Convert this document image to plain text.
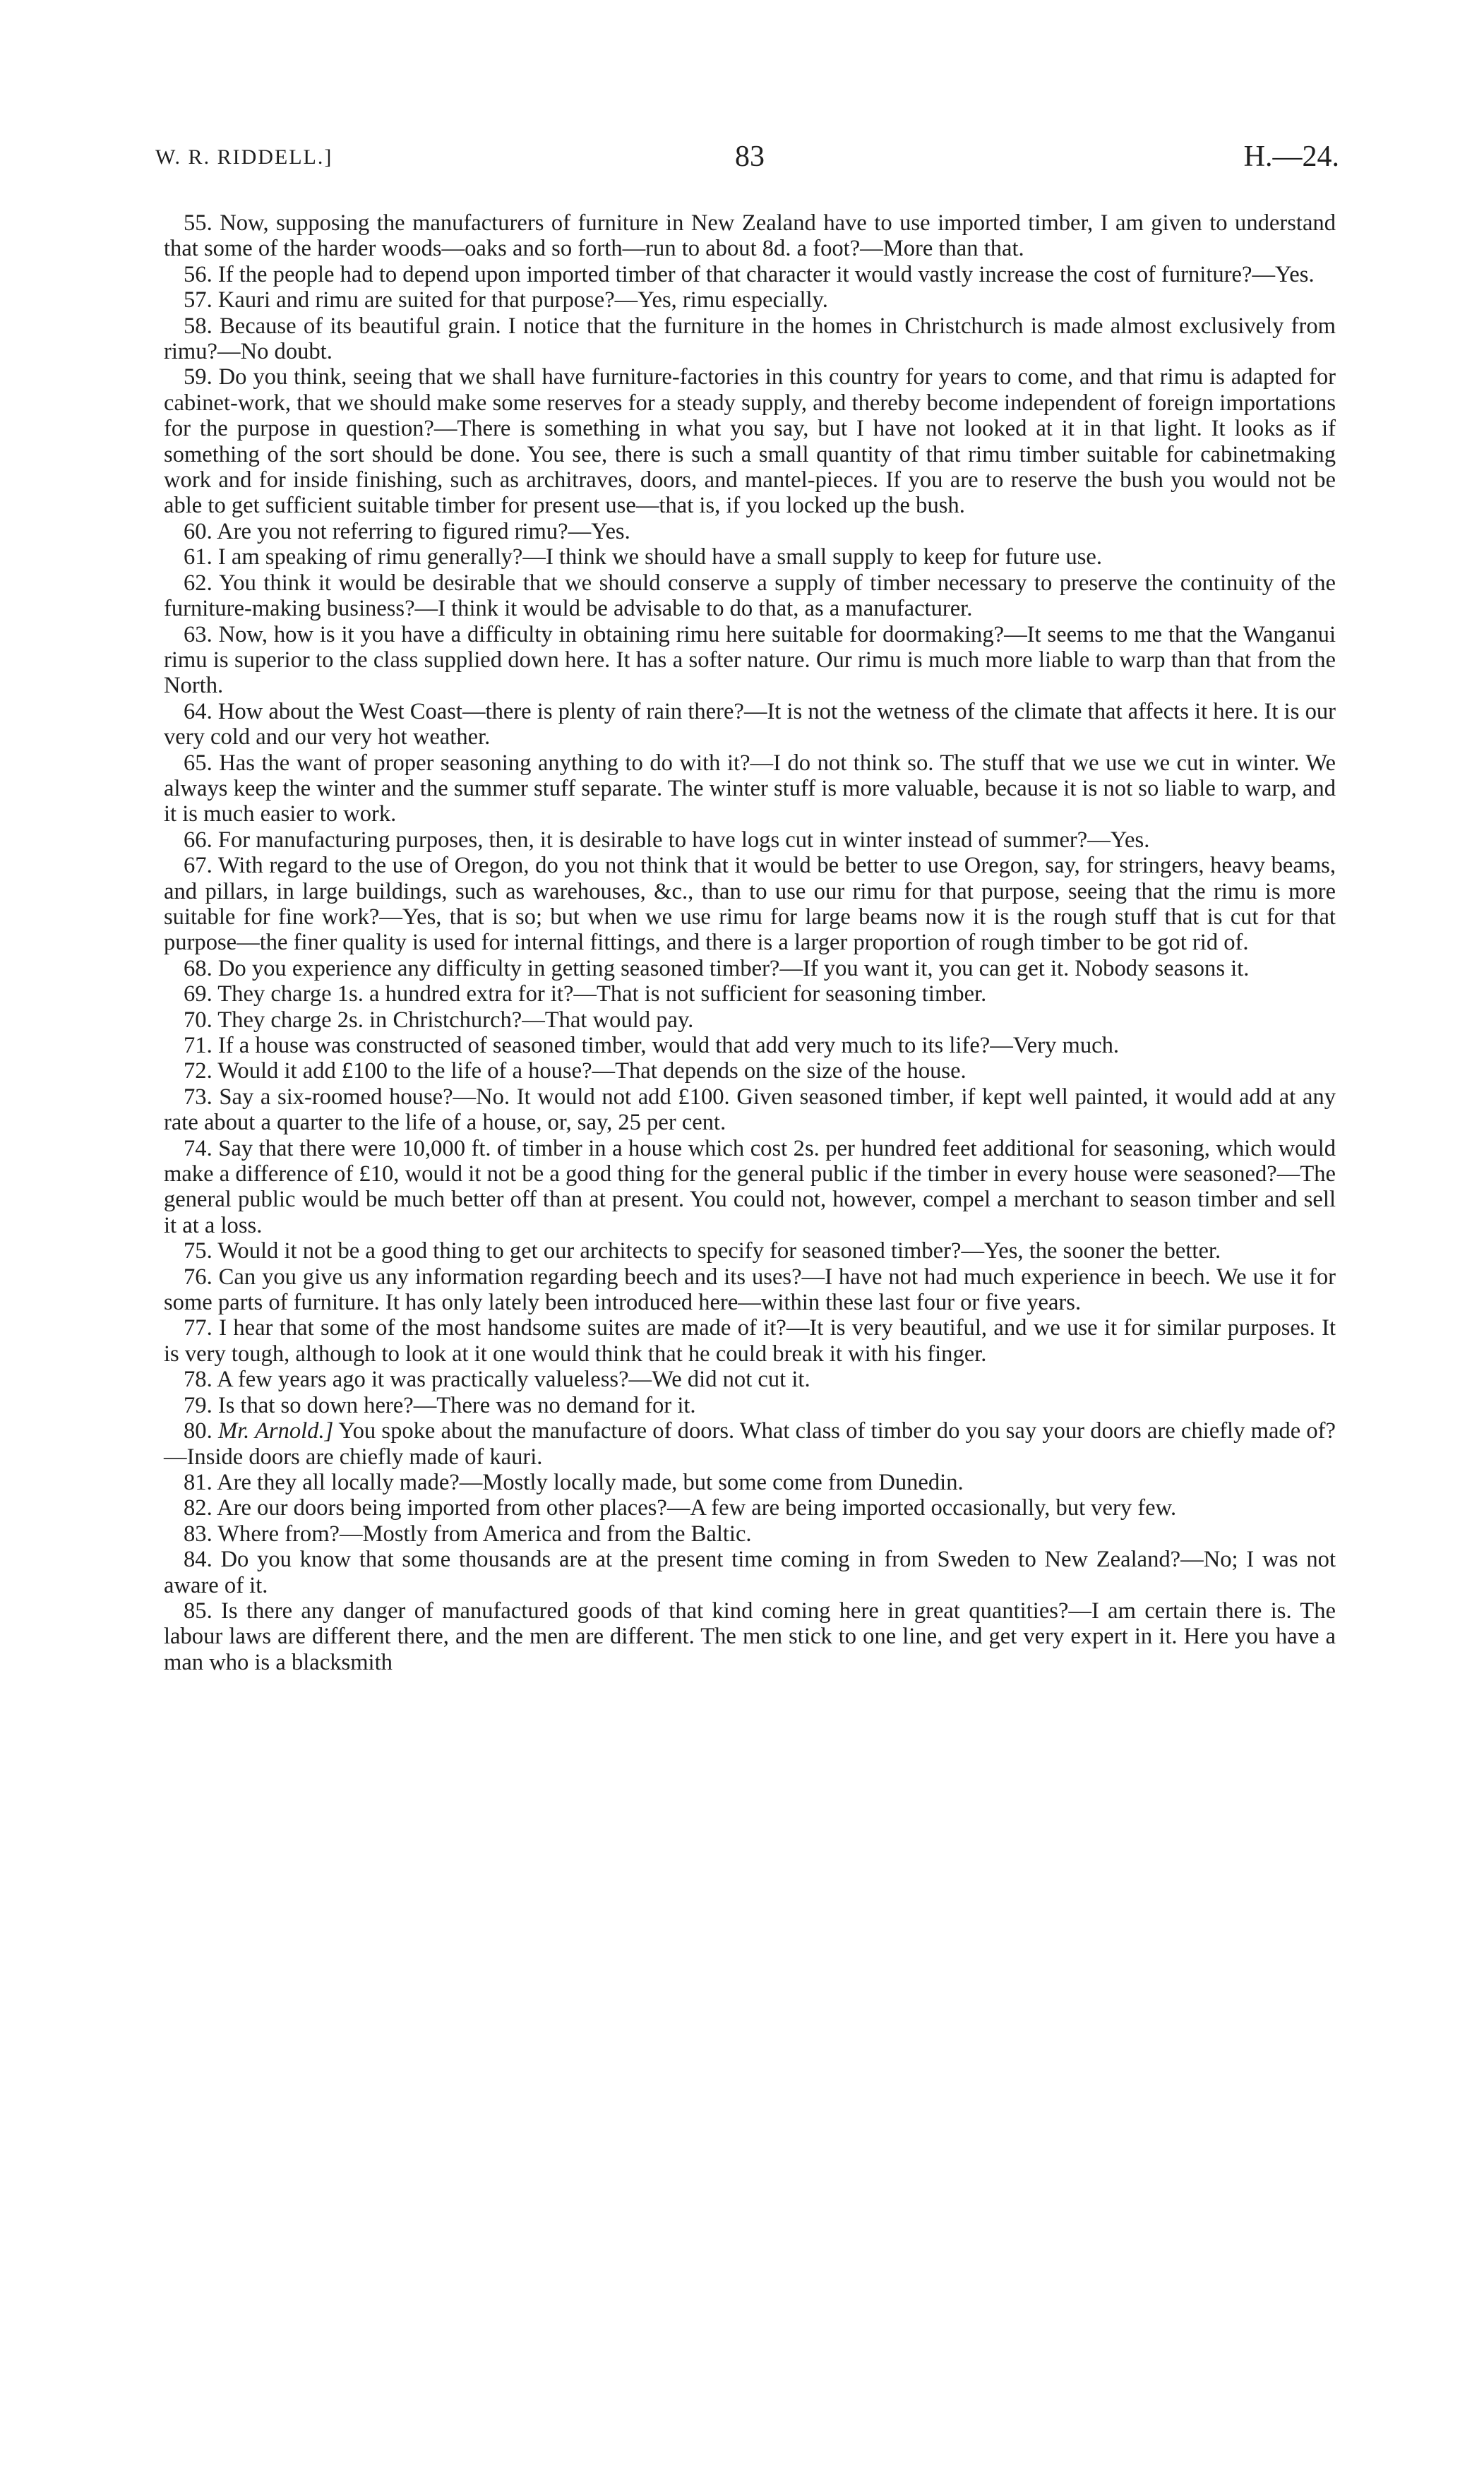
W. R. RIDDELL.]	83	H.—24.

55. Now, supposing the manufacturers of furniture in New Zealand have to use imported timber, I am given to understand that some of the harder woods—oaks and so forth—run to about 8d. a foot?—More than that.

56. If the people had to depend upon imported timber of that character it would vastly increase the cost of furniture?—Yes.

57. Kauri and rimu are suited for that purpose?—Yes, rimu especially.

58. Because of its beautiful grain. I notice that the furniture in the homes in Christchurch is made almost exclusively from rimu?—No doubt.

59. Do you think, seeing that we shall have furniture-factories in this country for years to come, and that rimu is adapted for cabinet-work, that we should make some reserves for a steady supply, and thereby become independent of foreign importations for the purpose in question?—There is something in what you say, but I have not looked at it in that light. It looks as if something of the sort should be done. You see, there is such a small quantity of that rimu timber suitable for cabinetmaking work and for inside finishing, such as architraves, doors, and mantel-pieces. If you are to reserve the bush you would not be able to get sufficient suitable timber for present use—that is, if you locked up the bush.

60. Are you not referring to figured rimu?—Yes.

61. I am speaking of rimu generally?—I think we should have a small supply to keep for future use.

62. You think it would be desirable that we should conserve a supply of timber necessary to preserve the continuity of the furniture-making business?—I think it would be advisable to do that, as a manufacturer.

63. Now, how is it you have a difficulty in obtaining rimu here suitable for doormaking?—It seems to me that the Wanganui rimu is superior to the class supplied down here. It has a softer nature. Our rimu is much more liable to warp than that from the North.

64. How about the West Coast—there is plenty of rain there?—It is not the wetness of the climate that affects it here. It is our very cold and our very hot weather.

65. Has the want of proper seasoning anything to do with it?—I do not think so. The stuff that we use we cut in winter. We always keep the winter and the summer stuff separate. The winter stuff is more valuable, because it is not so liable to warp, and it is much easier to work.

66. For manufacturing purposes, then, it is desirable to have logs cut in winter instead of summer?—Yes.

67. With regard to the use of Oregon, do you not think that it would be better to use Oregon, say, for stringers, heavy beams, and pillars, in large buildings, such as warehouses, &c., than to use our rimu for that purpose, seeing that the rimu is more suitable for fine work?—Yes, that is so; but when we use rimu for large beams now it is the rough stuff that is cut for that purpose—the finer quality is used for internal fittings, and there is a larger proportion of rough timber to be got rid of.

68. Do you experience any difficulty in getting seasoned timber?—If you want it, you can get it. Nobody seasons it.

69. They charge 1s. a hundred extra for it?—That is not sufficient for seasoning timber.

70. They charge 2s. in Christchurch?—That would pay.

71. If a house was constructed of seasoned timber, would that add very much to its life?—Very much.

72. Would it add £100 to the life of a house?—That depends on the size of the house.

73. Say a six-roomed house?—No. It would not add £100. Given seasoned timber, if kept well painted, it would add at any rate about a quarter to the life of a house, or, say, 25 per cent.

74. Say that there were 10,000 ft. of timber in a house which cost 2s. per hundred feet additional for seasoning, which would make a difference of £10, would it not be a good thing for the general public if the timber in every house were seasoned?—The general public would be much better off than at present. You could not, however, compel a merchant to season timber and sell it at a loss.

75. Would it not be a good thing to get our architects to specify for seasoned timber?—Yes, the sooner the better.

76. Can you give us any information regarding beech and its uses?—I have not had much experience in beech. We use it for some parts of furniture. It has only lately been introduced here—within these last four or five years.

77. I hear that some of the most handsome suites are made of it?—It is very beautiful, and we use it for similar purposes. It is very tough, although to look at it one would think that he could break it with his finger.

78. A few years ago it was practically valueless?—We did not cut it.

79. Is that so down here?—There was no demand for it.

80. Mr. Arnold.] You spoke about the manufacture of doors. What class of timber do you say your doors are chiefly made of?—Inside doors are chiefly made of kauri.

81. Are they all locally made?—Mostly locally made, but some come from Dunedin.

82. Are our doors being imported from other places?—A few are being imported occasionally, but very few.

83. Where from?—Mostly from America and from the Baltic.

84. Do you know that some thousands are at the present time coming in from Sweden to New Zealand?—No; I was not aware of it.

85. Is there any danger of manufactured goods of that kind coming here in great quantities?—I am certain there is. The labour laws are different there, and the men are different. The men stick to one line, and get very expert in it. Here you have a man who is a blacksmith
